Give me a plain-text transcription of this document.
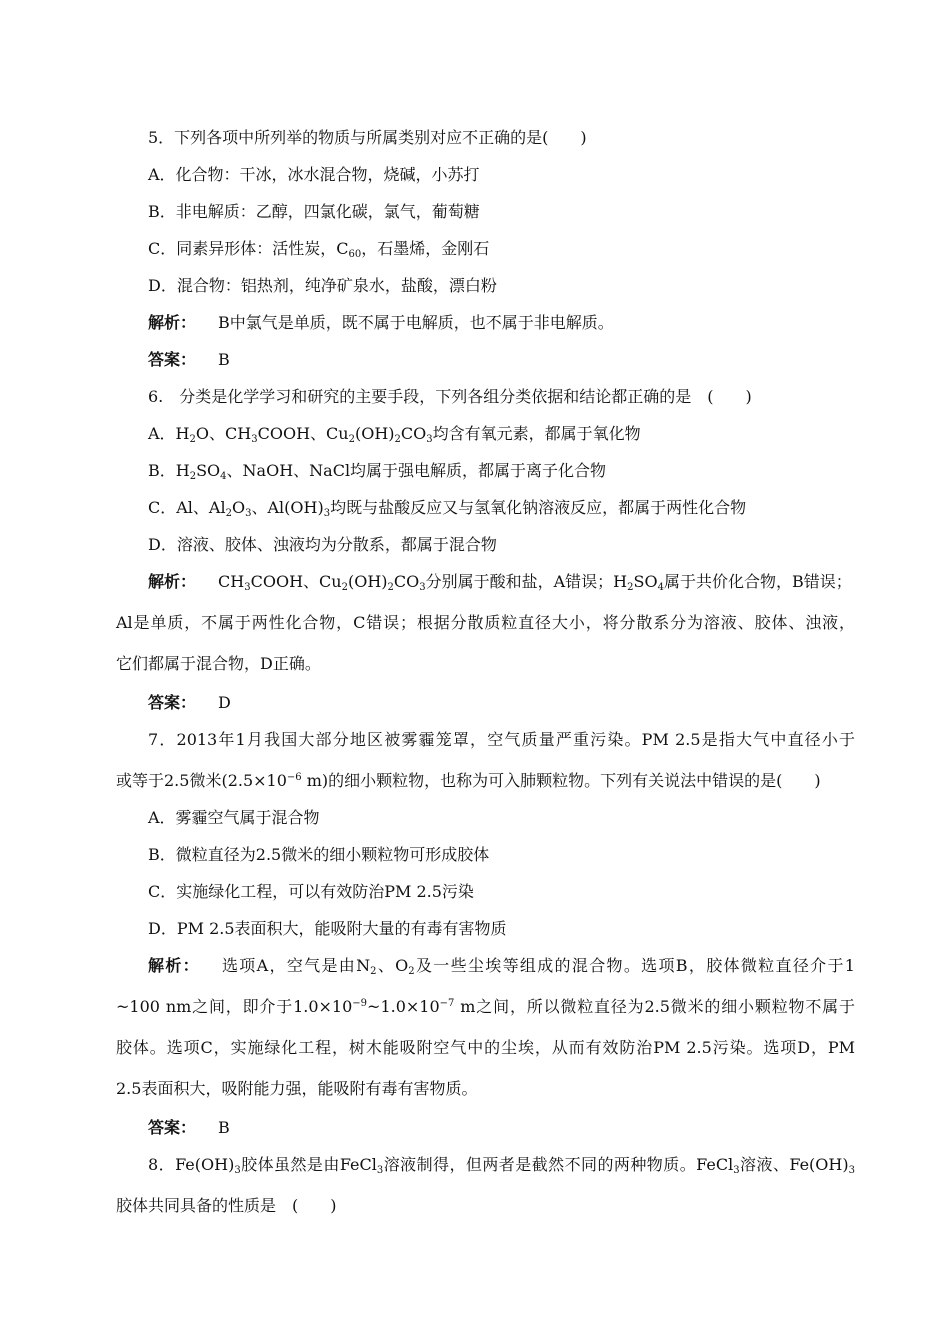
5．下列各项中所列举的物质与所属类别对应不正确的是(　　)
A．化合物：干冰，冰水混合物，烧碱，小苏打
B．非电解质：乙醇，四氯化碳，氯气，葡萄糖
C．同素异形体：活性炭，$C_{60}$，石墨烯，金刚石
D．混合物：铝热剂，纯净矿泉水，盐酸，漂白粉
解析： B中氯气是单质，既不属于电解质，也不属于非电解质。
答案： B
6.　分类是化学学习和研究的主要手段，下列各组分类依据和结论都正确的是　(　　)
A．$H_2O$、$CH_3COOH$、$Cu_2(OH)_2CO_3$均含有氧元素，都属于氧化物
B．$H_2SO_4$、NaOH、NaCl均属于强电解质，都属于离子化合物
C．Al、$Al_2O_3$、$Al(OH)_3$均既与盐酸反应又与氢氧化钠溶液反应，都属于两性化合物
D．溶液、胶体、浊液均为分散系，都属于混合物
解析： $CH_3COOH$、$Cu_2(OH)_2CO_3$分别属于酸和盐，A错误；$H_2SO_4$属于共价化合物，B错误；
Al是单质，不属于两性化合物，C错误；根据分散质粒直径大小，将分散系分为溶液、胶体、浊液，
它们都属于混合物，D正确。
答案： D
7．2013年1月我国大部分地区被雾霾笼罩，空气质量严重污染。PM 2.5是指大气中直径小于
或等于2.5微米($2.5\times 10^{-6}$ m)的细小颗粒物，也称为可入肺颗粒物。下列有关说法中错误的是(　　)
A．雾霾空气属于混合物
B．微粒直径为2.5微米的细小颗粒物可形成胶体
C．实施绿化工程，可以有效防治PM 2.5污染
D．PM 2.5表面积大，能吸附大量的有毒有害物质
解析： 选项A，空气是由$N_2$、$O_2$及一些尘埃等组成的混合物。选项B，胶体微粒直径介于1
~100 nm之间，即介于$1.0\times 10^{-9}\sim 1.0\times 10^{-7}$ m之间，所以微粒直径为2.5微米的细小颗粒物不属于
胶体。选项C，实施绿化工程，树木能吸附空气中的尘埃，从而有效防治PM 2.5污染。选项D，PM
2.5表面积大，吸附能力强，能吸附有毒有害物质。
答案： B
8．$Fe(OH)_3$胶体虽然是由FeCl$_3$溶液制得，但两者是截然不同的两种物质。FeCl$_3$溶液、$Fe(OH)_3$
胶体共同具备的性质是　(　　)
